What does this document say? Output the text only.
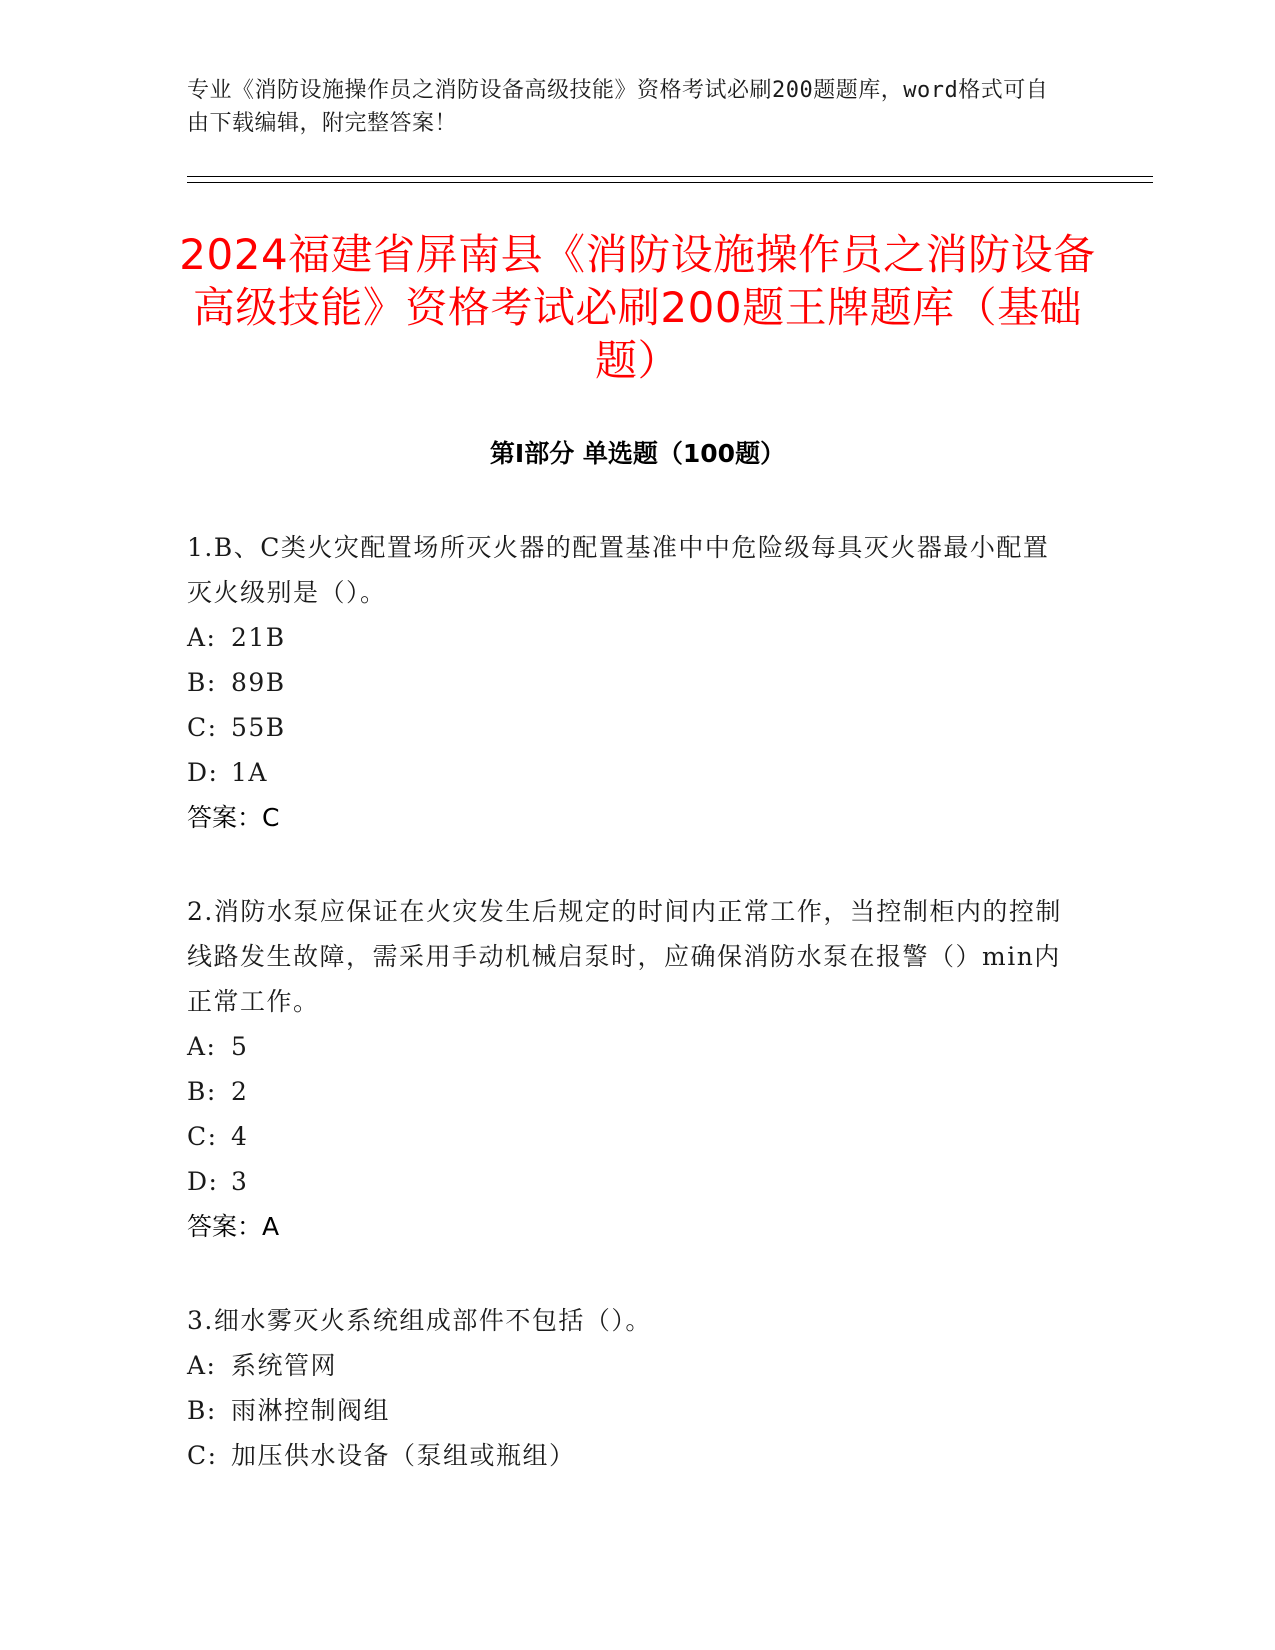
专业《消防设施操作员之消防设备高级技能》资格考试必刷200题题库，word格式可自由下载编辑，附完整答案！
2024福建省屏南县《消防设施操作员之消防设备高级技能》资格考试必刷200题王牌题库（基础题）
第Ⅰ部分 单选题（100题）

1.B、C类火灾配置场所灭火器的配置基准中中危险级每具灭火器最小配置灭火级别是（）。

A: 21B

B: 89B

C: 55B

D: 1A

答案：C

2.消防水泵应保证在火灾发生后规定的时间内正常工作，当控制柜内的控制线路发生故障，需采用手动机械启泵时，应确保消防水泵在报警（）min内正常工作。

A: 5

B: 2

C: 4

D: 3

答案：A

3.细水雾灭火系统组成部件不包括（）。

A: 系统管网

B: 雨淋控制阀组

C: 加压供水设备（泵组或瓶组）
